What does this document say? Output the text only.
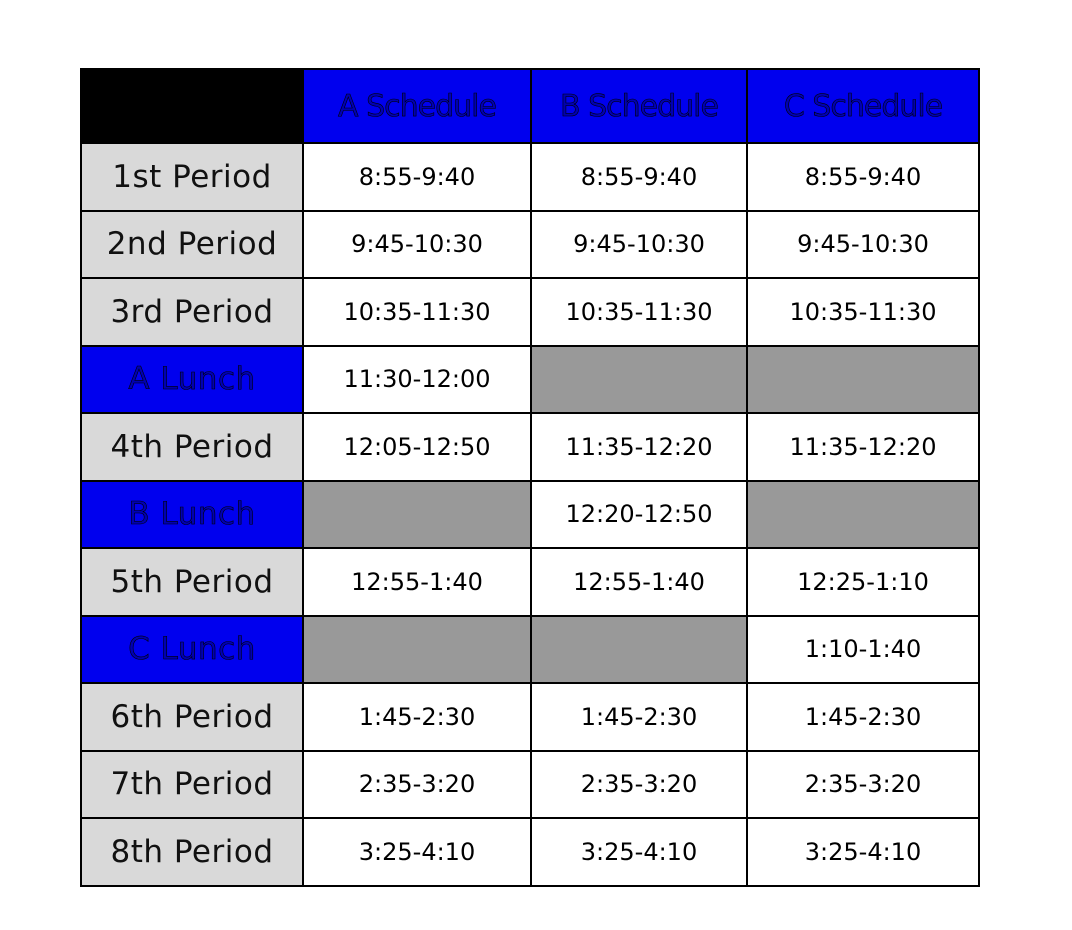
	A Schedule	B Schedule	C Schedule
1st Period	8:55-9:40	8:55-9:40	8:55-9:40
2nd Period	9:45-10:30	9:45-10:30	9:45-10:30
3rd Period	10:35-11:30	10:35-11:30	10:35-11:30
A Lunch	11:30-12:00		
4th Period	12:05-12:50	11:35-12:20	11:35-12:20
B Lunch		12:20-12:50	
5th Period	12:55-1:40	12:55-1:40	12:25-1:10
C Lunch			1:10-1:40
6th Period	1:45-2:30	1:45-2:30	1:45-2:30
7th Period	2:35-3:20	2:35-3:20	2:35-3:20
8th Period	3:25-4:10	3:25-4:10	3:25-4:10
